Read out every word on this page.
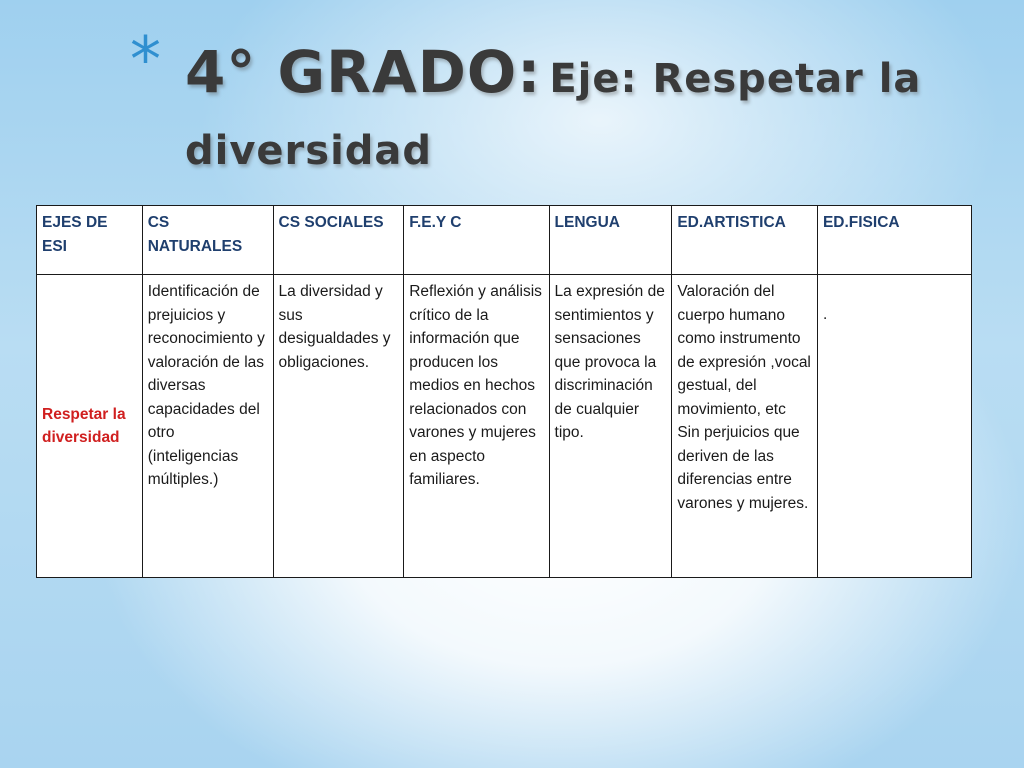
* 4° GRADO: Eje: Respetar la
diversidad
EJES DE ESI	CS NATURALES	CS SOCIALES	F.E.Y C	LENGUA	ED.ARTISTICA	ED.FISICA
Respetar la diversidad	Identificación de prejuicios y reconocimiento y valoración de las diversas capacidades del otro (inteligencias múltiples.)	La diversidad y sus desigualdades y obligaciones.	Reflexión y análisis crítico de la información que producen los medios en hechos relacionados con varones y mujeres en aspecto familiares.	La expresión de sentimientos y sensaciones que provoca la discriminación de cualquier tipo.	Valoración del cuerpo humano como instrumento de expresión ,vocal gestual, del movimiento, etc Sin perjuicios que deriven de las diferencias entre varones y mujeres.	.
